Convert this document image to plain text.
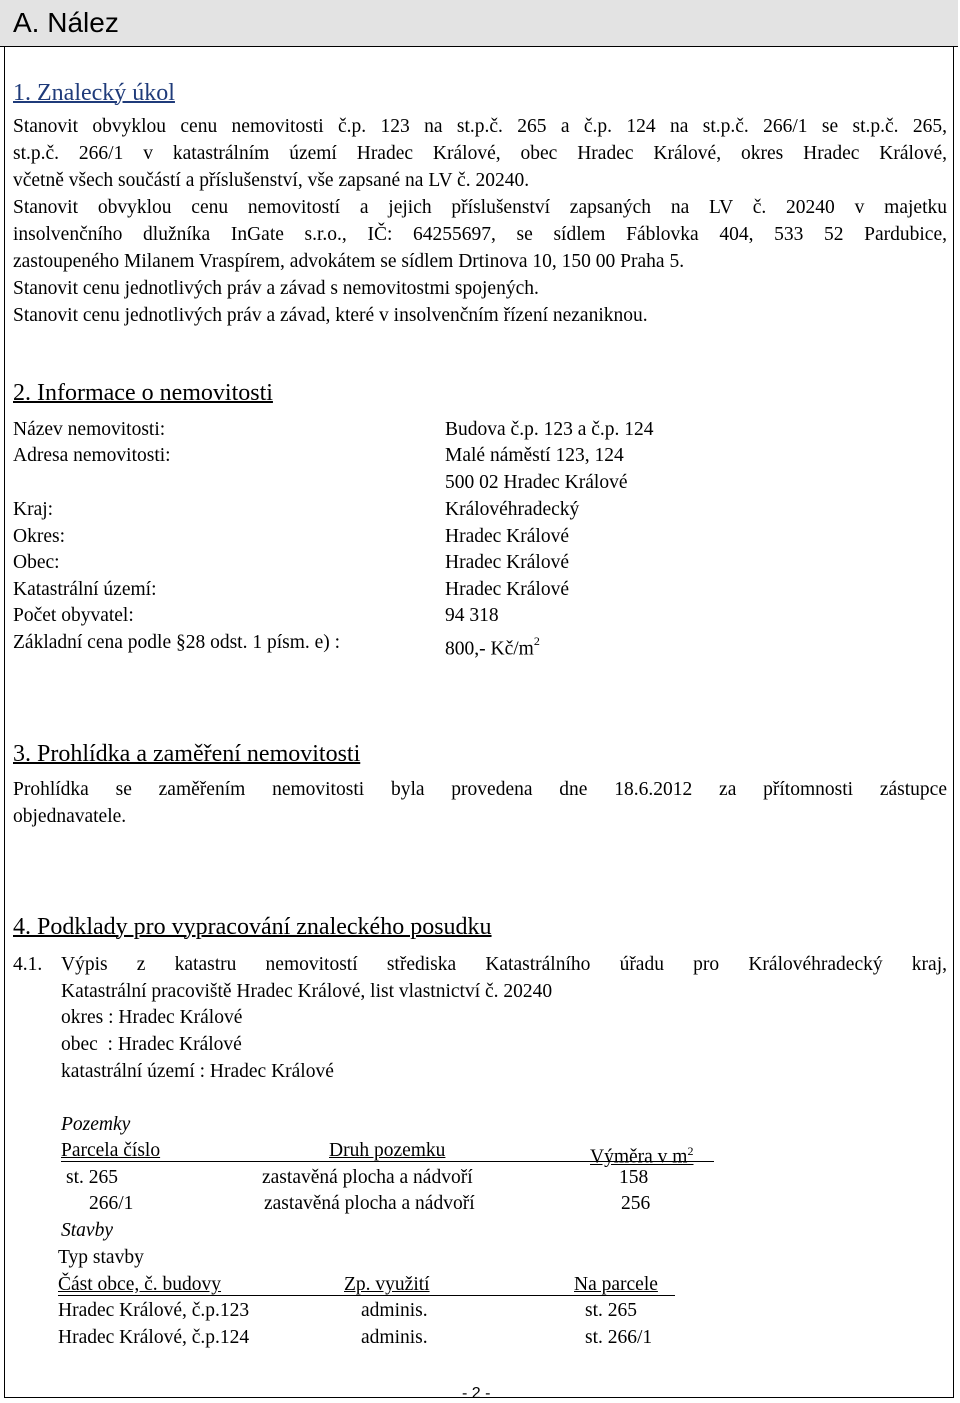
A. Nález
1. Znalecký úkol
Stanovit obvyklou cenu nemovitosti č.p. 123 na st.p.č. 265 a č.p. 124 na st.p.č. 266/1 se st.p.č. 265,
st.p.č. 266/1 v katastrálním území Hradec Králové, obec Hradec Králové, okres Hradec Králové,
včetně všech součástí a příslušenství, vše zapsané na LV č. 20240.
Stanovit obvyklou cenu nemovitostí a jejich příslušenství zapsaných na LV č. 20240 v majetku
insolvenčního dlužníka InGate s.r.o., IČ: 64255697, se sídlem Fáblovka 404, 533 52 Pardubice,
zastoupeného Milanem Vraspírem, advokátem se sídlem Drtinova 10, 150 00 Praha 5.
Stanovit cenu jednotlivých práv a závad s nemovitostmi spojených.
Stanovit cenu jednotlivých práv a závad, které v insolvenčním řízení nezaniknou.
2. Informace o nemovitosti
Název nemovitosti:	Budova č.p. 123 a č.p. 124
Adresa nemovitosti:	Malé náměstí 123, 124
500 02 Hradec Králové
Kraj:	Královéhradecký
Okres:	Hradec Králové
Obec:	Hradec Králové
Katastrální území:	Hradec Králové
Počet obyvatel:	94 318
Základní cena podle §28 odst. 1 písm. e) :	800,- $Kč/m^2$
3. Prohlídka a zaměření nemovitosti
Prohlídka se zaměřením nemovitosti byla provedena dne 18.6.2012 za přítomnosti zástupce
objednavatele.
4. Podklady pro vypracování znaleckého posudku
4.1. Výpis z katastru nemovitostí střediska Katastrálního úřadu pro Královéhradecký kraj,
Katastrální pracoviště Hradec Králové, list vlastnictví č. 20240
okres : Hradec Králové
obec  : Hradec Králové
katastrální území : Hradec Králové
Pozemky
Parcela číslo	Druh pozemku	Výměra v $m^2$
st. 265	zastavěná plocha a nádvoří	158
266/1	zastavěná plocha a nádvoří	256
Stavby
Typ stavby
Část obce, č. budovy	Zp. využití	Na parcele
Hradec Králové, č.p.123	adminis.	st. 265
Hradec Králové, č.p.124	adminis.	st. 266/1
- 2 -
